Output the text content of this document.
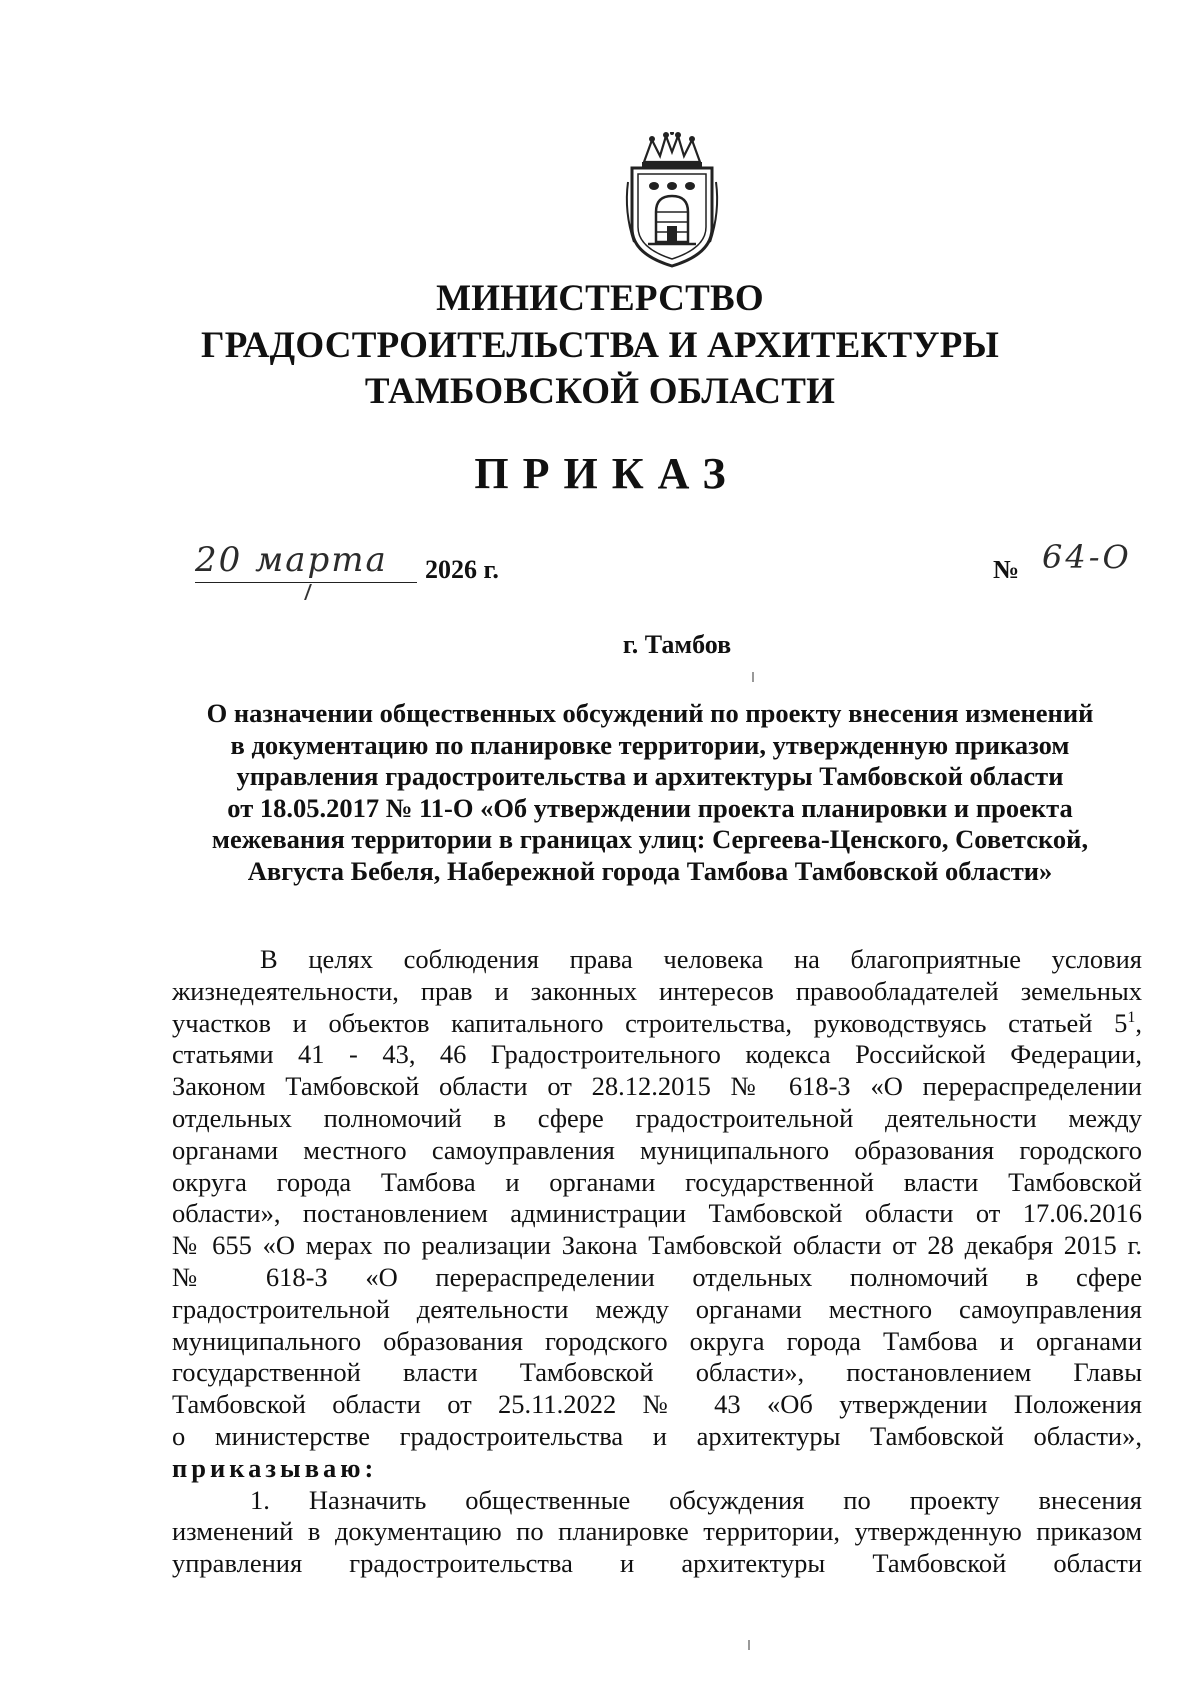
МИНИСТЕРСТВО
ГРАДОСТРОИТЕЛЬСТВА И АРХИТЕКТУРЫ
ТАМБОВСКОЙ ОБЛАСТИ
ПРИКАЗ
20 марта 2026 г.	№ 64-О
г. Тамбов
О назначении общественных обсуждений по проекту внесения изменений
в документацию по планировке территории, утвержденную приказом
управления градостроительства и архитектуры Тамбовской области
от 18.05.2017 № 11-О «Об утверждении проекта планировки и проекта
межевания территории в границах улиц: Сергеева-Ценского, Советской,
Августа Бебеля, Набережной города Тамбова Тамбовской области»
В целях соблюдения права человека на благоприятные условия
жизнедеятельности, прав и законных интересов правообладателей земельных
участков и объектов капитального строительства, руководствуясь статьей $5^1$,
статьями 41 - 43, 46 Градостроительного кодекса Российской Федерации,
Законом Тамбовской области от 28.12.2015 № 618-З «О перераспределении
отдельных полномочий в сфере градостроительной деятельности между
органами местного самоуправления муниципального образования городского
округа города Тамбова и органами государственной власти Тамбовской
области», постановлением администрации Тамбовской области от 17.06.2016
№ 655 «О мерах по реализации Закона Тамбовской области от 28 декабря 2015 г.
№ 618-З «О перераспределении отдельных полномочий в сфере
градостроительной деятельности между органами местного самоуправления
муниципального образования городского округа города Тамбова и органами
государственной власти Тамбовской области», постановлением Главы
Тамбовской области от 25.11.2022 № 43 «Об утверждении Положения
о министерстве градостроительства и архитектуры Тамбовской области»,
приказываю:
1. Назначить общественные обсуждения по проекту внесения
изменений в документацию по планировке территории, утвержденную приказом
управления градостроительства и архитектуры Тамбовской области
